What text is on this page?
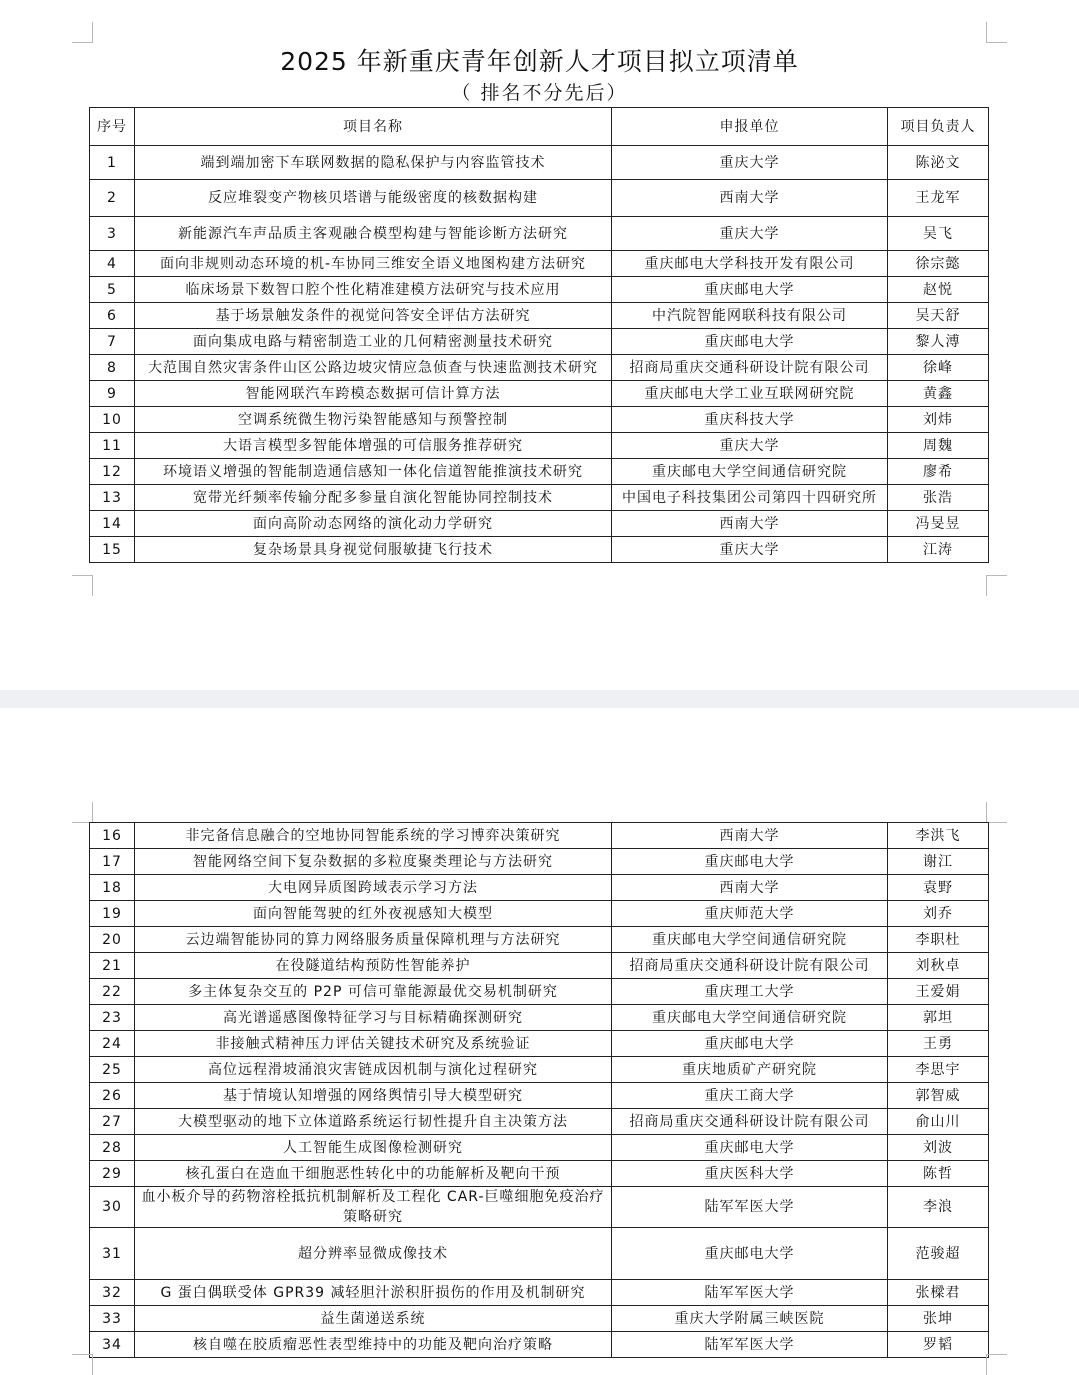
2025 年新重庆青年创新人才项目拟立项清单
（ 排名不分先后）
序号	项目名称	申报单位	项目负责人
1	端到端加密下车联网数据的隐私保护与内容监管技术	重庆大学	陈泌文
2	反应堆裂变产物核贝塔谱与能级密度的核数据构建	西南大学	王龙军
3	新能源汽车声品质主客观融合模型构建与智能诊断方法研究	重庆大学	吴飞
4	面向非规则动态环境的机-车协同三维安全语义地图构建方法研究	重庆邮电大学科技开发有限公司	徐宗懿
5	临床场景下数智口腔个性化精准建模方法研究与技术应用	重庆邮电大学	赵悦
6	基于场景触发条件的视觉问答安全评估方法研究	中汽院智能网联科技有限公司	吴天舒
7	面向集成电路与精密制造工业的几何精密测量技术研究	重庆邮电大学	黎人溥
8	大范围自然灾害条件山区公路边坡灾情应急侦查与快速监测技术研究	招商局重庆交通科研设计院有限公司	徐峰
9	智能网联汽车跨模态数据可信计算方法	重庆邮电大学工业互联网研究院	黄鑫
10	空调系统微生物污染智能感知与预警控制	重庆科技大学	刘炜
11	大语言模型多智能体增强的可信服务推荐研究	重庆大学	周魏
12	环境语义增强的智能制造通信感知一体化信道智能推演技术研究	重庆邮电大学空间通信研究院	廖希
13	宽带光纤频率传输分配多参量自演化智能协同控制技术	中国电子科技集团公司第四十四研究所	张浩
14	面向高阶动态网络的演化动力学研究	西南大学	冯旻昱
15	复杂场景具身视觉伺服敏捷飞行技术	重庆大学	江涛
16	非完备信息融合的空地协同智能系统的学习博弈决策研究	西南大学	李洪飞
17	智能网络空间下复杂数据的多粒度聚类理论与方法研究	重庆邮电大学	谢江
18	大电网异质图跨域表示学习方法	西南大学	袁野
19	面向智能驾驶的红外夜视感知大模型	重庆师范大学	刘乔
20	云边端智能协同的算力网络服务质量保障机理与方法研究	重庆邮电大学空间通信研究院	李职杜
21	在役隧道结构预防性智能养护	招商局重庆交通科研设计院有限公司	刘秋卓
22	多主体复杂交互的 P2P 可信可靠能源最优交易机制研究	重庆理工大学	王爱娟
23	高光谱遥感图像特征学习与目标精确探测研究	重庆邮电大学空间通信研究院	郭坦
24	非接触式精神压力评估关键技术研究及系统验证	重庆邮电大学	王勇
25	高位远程滑坡涌浪灾害链成因机制与演化过程研究	重庆地质矿产研究院	李思宇
26	基于情境认知增强的网络舆情引导大模型研究	重庆工商大学	郭智威
27	大模型驱动的地下立体道路系统运行韧性提升自主决策方法	招商局重庆交通科研设计院有限公司	俞山川
28	人工智能生成图像检测研究	重庆邮电大学	刘波
29	核孔蛋白在造血干细胞恶性转化中的功能解析及靶向干预	重庆医科大学	陈哲
30	血小板介导的药物溶栓抵抗机制解析及工程化 CAR-巨噬细胞免疫治疗策略研究	陆军军医大学	李浪
31	超分辨率显微成像技术	重庆邮电大学	范骏超
32	G 蛋白偶联受体 GPR39 减轻胆汁淤积肝损伤的作用及机制研究	陆军军医大学	张樑君
33	益生菌递送系统	重庆大学附属三峡医院	张坤
34	核自噬在胶质瘤恶性表型维持中的功能及靶向治疗策略	陆军军医大学	罗韬
